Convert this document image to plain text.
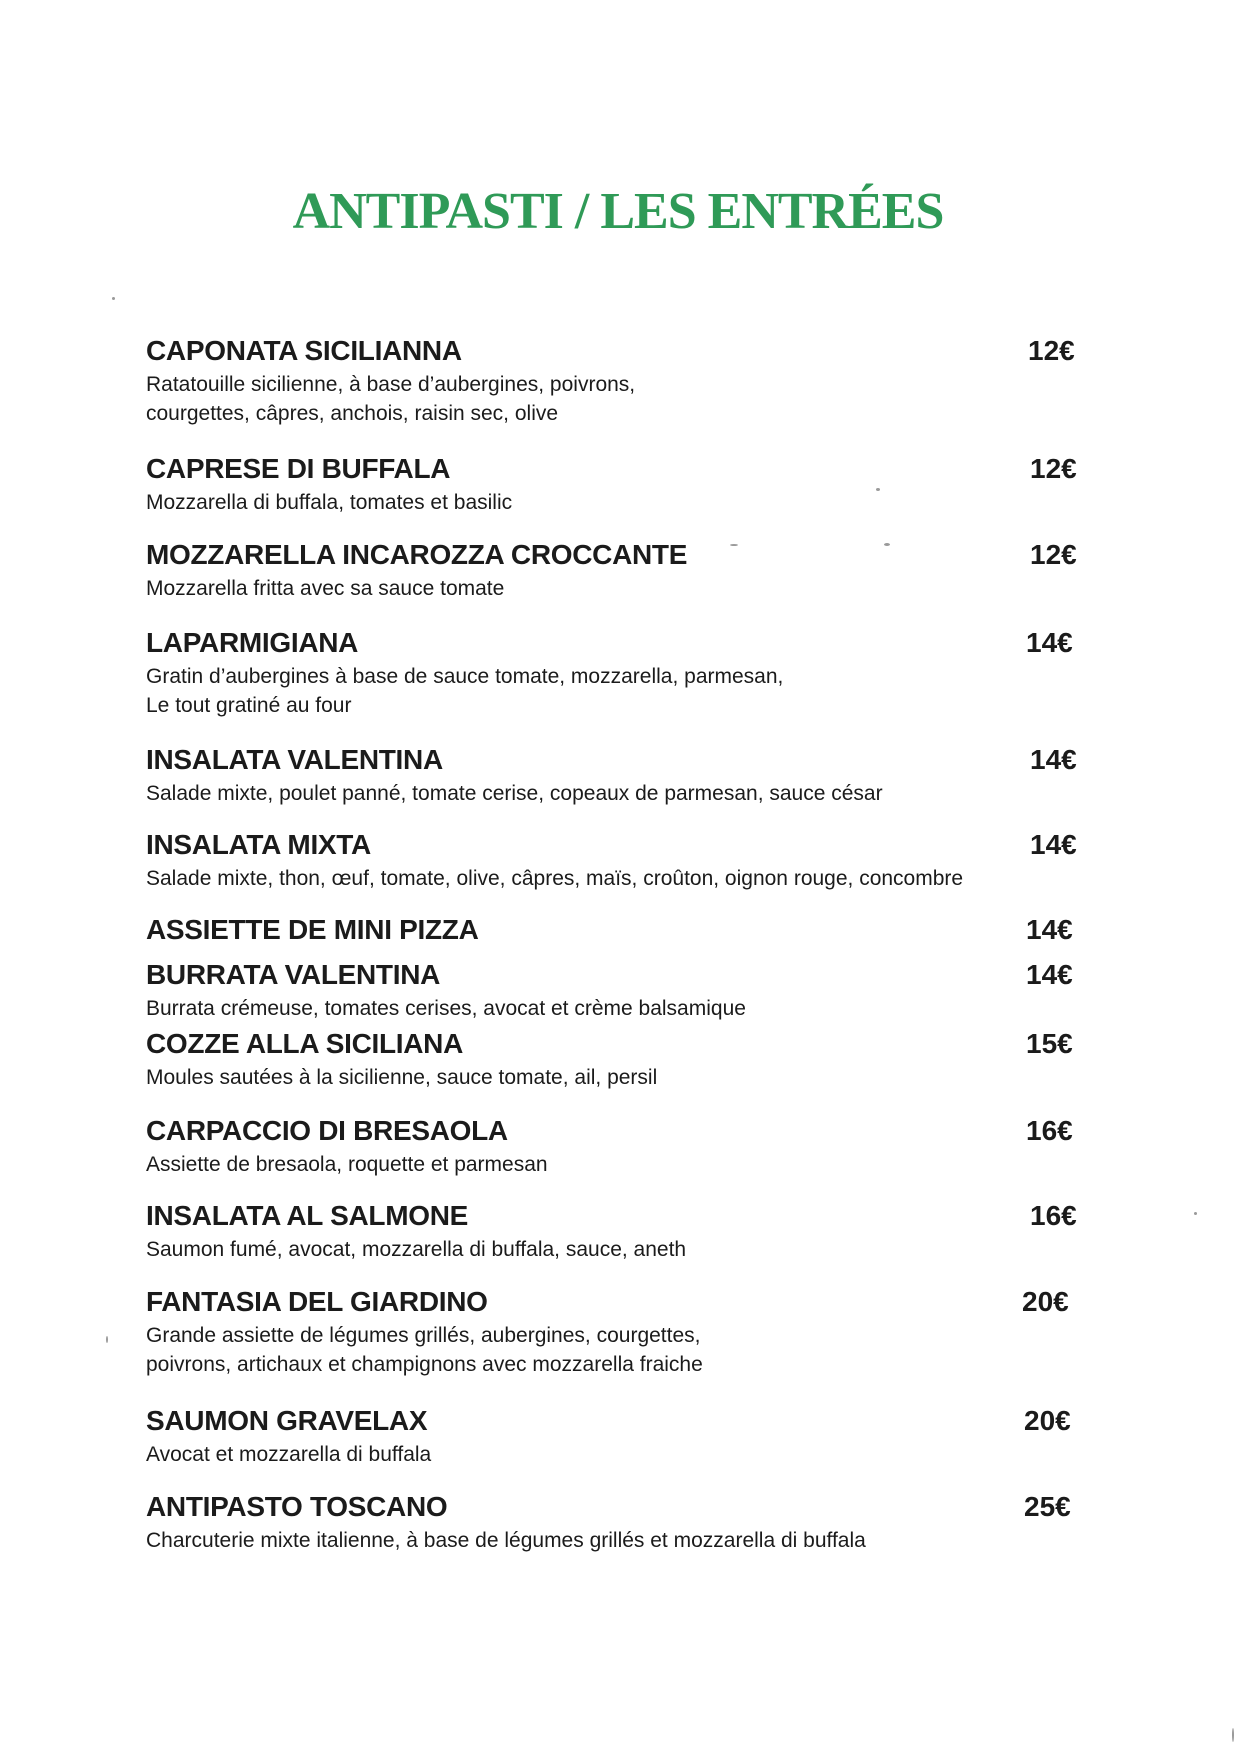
ANTIPASTI / LES ENTRÉES
CAPONATA SICILIANNA	12€
Ratatouille sicilienne, à base d’aubergines, poivrons,
courgettes, câpres, anchois, raisin sec, olive
CAPRESE DI BUFFALA	12€
Mozzarella di buffala, tomates et basilic
MOZZARELLA INCAROZZA CROCCANTE	12€
Mozzarella fritta avec sa sauce tomate
LAPARMIGIANA	14€
Gratin d’aubergines à base de sauce tomate, mozzarella, parmesan,
Le tout gratiné au four
INSALATA VALENTINA	14€
Salade mixte, poulet panné, tomate cerise, copeaux de parmesan, sauce césar
INSALATA MIXTA	14€
Salade mixte, thon, œuf, tomate, olive, câpres, maïs, croûton, oignon rouge, concombre
ASSIETTE DE MINI PIZZA	14€
BURRATA VALENTINA	14€
Burrata crémeuse, tomates cerises, avocat et crème balsamique
COZZE ALLA SICILIANA	15€
Moules sautées à la sicilienne, sauce tomate, ail, persil
CARPACCIO DI BRESAOLA	16€
Assiette de bresaola, roquette et parmesan
INSALATA AL SALMONE	16€
Saumon fumé, avocat, mozzarella di buffala, sauce, aneth
FANTASIA DEL GIARDINO	20€
Grande assiette de légumes grillés, aubergines, courgettes,
poivrons, artichaux et champignons avec mozzarella fraiche
SAUMON GRAVELAX	20€
Avocat et mozzarella di buffala
ANTIPASTO TOSCANO	25€
Charcuterie mixte italienne, à base de légumes grillés et mozzarella di buffala
